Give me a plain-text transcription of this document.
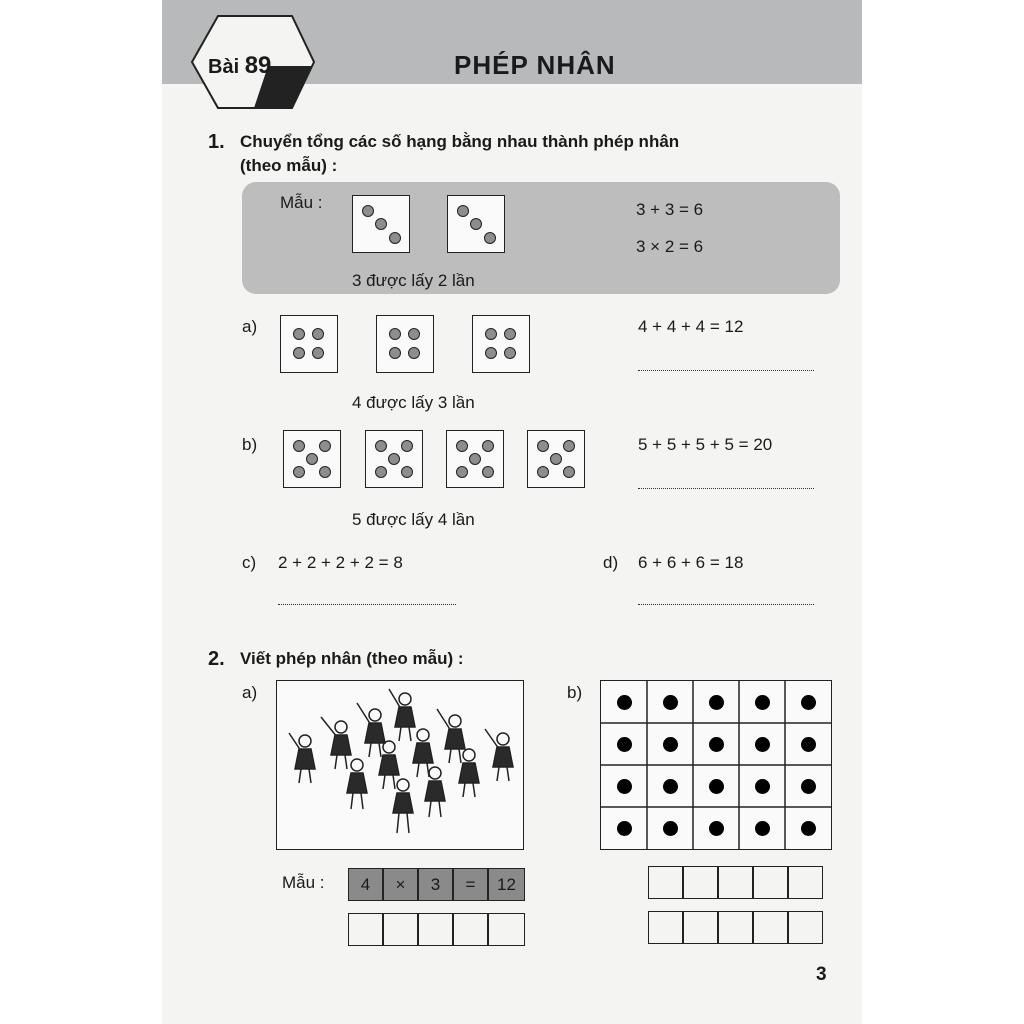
Bài 89	PHÉP NHÂN
1. Chuyển tổng các số hạng bằng nhau thành phép nhân
(theo mẫu) :
Mẫu :	3 + 3 = 6
3 × 2 = 6
3 được lấy 2 lần
a)	4 + 4 + 4 = 12
4 được lấy 3 lần
b)	5 + 5 + 5 + 5 = 20
5 được lấy 4 lần
c) 2 + 2 + 2 + 2 = 8	d) 6 + 6 + 6 = 18
2. Viết phép nhân (theo mẫu) :
a)	b)
Mẫu :	4	×	3	=	12
3
